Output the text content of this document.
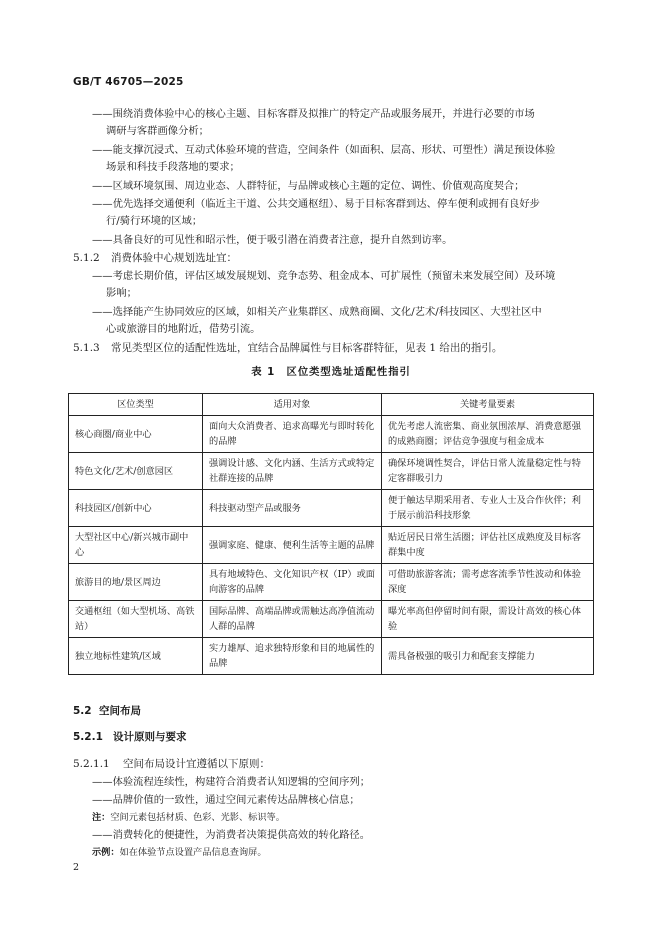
GB/T 46705—2025
——围绕消费体验中心的核心主题、目标客群及拟推广的特定产品或服务展开，并进行必要的市场
调研与客群画像分析；
——能支撑沉浸式、互动式体验环境的营造，空间条件（如面积、层高、形状、可塑性）满足预设体验
场景和科技手段落地的要求；
——区域环境氛围、周边业态、人群特征，与品牌或核心主题的定位、调性、价值观高度契合；
——优先选择交通便利（临近主干道、公共交通枢纽）、易于目标客群到达、停车便利或拥有良好步
行/骑行环境的区域；
——具备良好的可见性和昭示性，便于吸引潜在消费者注意，提升自然到访率。
5.1.2 消费体验中心规划选址宜：
——考虑长期价值，评估区域发展规划、竞争态势、租金成本、可扩展性（预留未来发展空间）及环境
影响；
——选择能产生协同效应的区域，如相关产业集群区、成熟商圈、文化/艺术/科技园区、大型社区中
心或旅游目的地附近，借势引流。
5.1.3 常见类型区位的适配性选址，宜结合品牌属性与目标客群特征，见表 1 给出的指引。
表 1　区位类型选址适配性指引
区位类型	适用对象	关键考量要素
核心商圈/商业中心	面向大众消费者、追求高曝光与即时转化的品牌	优先考虑人流密集、商业氛围浓厚、消费意愿强的成熟商圈；评估竞争强度与租金成本
特色文化/艺术/创意园区	强调设计感、文化内涵、生活方式或特定社群连接的品牌	确保环境调性契合，评估日常人流量稳定性与特定客群吸引力
科技园区/创新中心	科技驱动型产品或服务	便于触达早期采用者、专业人士及合作伙伴；利于展示前沿科技形象
大型社区中心/新兴城市副中心	强调家庭、健康、便利生活等主题的品牌	贴近居民日常生活圈；评估社区成熟度及目标客群集中度
旅游目的地/景区周边	具有地域特色、文化知识产权（IP）或面向游客的品牌	可借助旅游客流；需考虑客流季节性波动和体验深度
交通枢纽（如大型机场、高铁站）	国际品牌、高端品牌或需触达高净值流动人群的品牌	曝光率高但停留时间有限，需设计高效的核心体验
独立地标性建筑/区域	实力雄厚、追求独特形象和目的地属性的品牌	需具备极强的吸引力和配套支撑能力
5.2 空间布局
5.2.1 设计原则与要求
5.2.1.1 空间布局设计宜遵循以下原则：
——体验流程连续性，构建符合消费者认知逻辑的空间序列；
——品牌价值的一致性，通过空间元素传达品牌核心信息；
注：空间元素包括材质、色彩、光影、标识等。
——消费转化的便捷性，为消费者决策提供高效的转化路径。
示例：如在体验节点设置产品信息查询屏。
2
